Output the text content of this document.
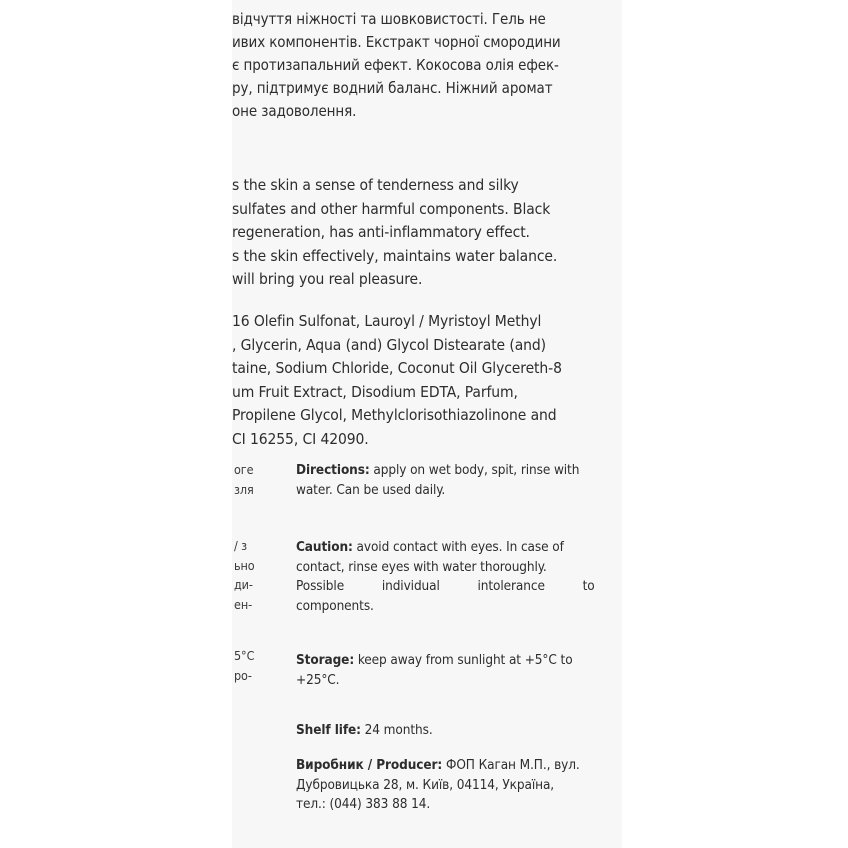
відчуття ніжності та шовковистості. Гель не
ивих компонентів. Екстракт чорної смородини
є протизапальний ефект. Кокосова олія ефек-
ру, підтримує водний баланс. Ніжний аромат
оне задоволення.
s the skin a sense of tenderness and silky
sulfates and other harmful components. Black
regeneration, has anti-inflammatory effect.
s the skin effectively, maintains water balance.
will bring you real pleasure.
16 Olefin Sulfonat, Lauroyl / Myristoyl Methyl
, Glycerin, Aqua (and) Glycol Distearate (and)
taine, Sodium Chloride, Coconut Oil Glycereth-8
um Fruit Extract, Disodium EDTA, Parfum,
Propilene Glycol, Methylclorisothiazolinone and
CI 16255, CI 42090.
оге
зля
/ з
ьно
ди-
ен-
5°C
ро-
Directions: apply on wet body, spit, rinse with
water. Can be used daily.
Caution: avoid contact with eyes. In case of
contact, rinse eyes with water thoroughly.
Possible individual intolerance to
components.
Storage: keep away from sunlight at +5°C to
+25°C.
Shelf life: 24 months.
Виробник / Producer: ФОП Каган М.П., вул.
Дубровицька 28, м. Київ, 04114, Україна,
тел.: (044) 383 88 14.
